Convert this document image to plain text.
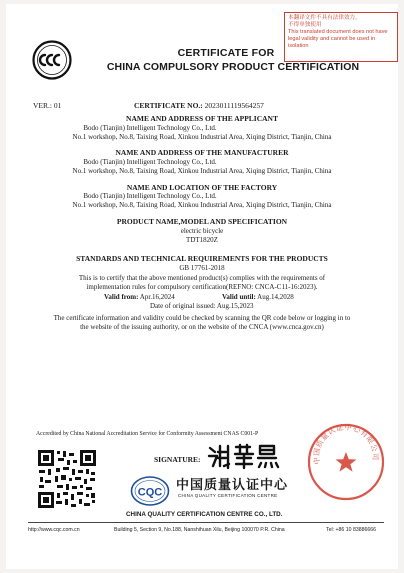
本翻译文件不具有法律效力，
不得单独使用
This translated document does not have legal validity and cannot be used in isolation
CERTIFICATE FOR
CHINA COMPULSORY PRODUCT CERTIFICATION
VER.: 01	CERTIFICATE NO.: 2023011119564257
NAME AND ADDRESS OF THE APPLICANT
Bodo (Tianjin) Intelligent Technology Co., Ltd.
No.1 workshop, No.8, Taixing Road, Xinkou Industrial Area, Xiqing District, Tianjin, China
NAME AND ADDRESS OF THE MANUFACTURER
Bodo (Tianjin) Intelligent Technology Co., Ltd.
No.1 workshop, No.8, Taixing Road, Xinkou Industrial Area, Xiqing District, Tianjin, China
NAME AND LOCATION OF THE FACTORY
Bodo (Tianjin) Intelligent Technology Co., Ltd.
No.1 workshop, No.8, Taixing Road, Xinkou Industrial Area, Xiqing District, Tianjin, China
PRODUCT NAME,MODEL AND SPECIFICATION
electric bicycle
TDT1820Z
STANDARDS AND TECHNICAL REQUIREMENTS FOR THE PRODUCTS
GB 17761-2018
This is to certify that the above mentioned product(s) complies with the requirements of
implementation rules for compulsory certification(REFNO: CNCA-C11-16:2023).
Valid from: Apr.16,2024	Valid until: Aug.14,2028
Date of original issued: Aug.15,2023
The certificate information and validity could be checked by scanning the QR code below or logging in to
the website of the issuing authority, or on the website of the CNCA (www.cnca.gov.cn)
Accredited by China National Accreditation Service for Conformity Assessment CNAS C001-P
SIGNATURE:
CQC 中国质量认证中心
CHINA QUALITY CERTIFICATION CENTRE
CHINA QUALITY CERTIFICATION CENTRE CO., LTD.
中国质量认证中心有限公司
http://www.cqc.com.cn	Building 5, Section 9, No.188, Nanshihuan Xilu, Beijing 100070 P.R. China	Tel: +86 10 83886666
